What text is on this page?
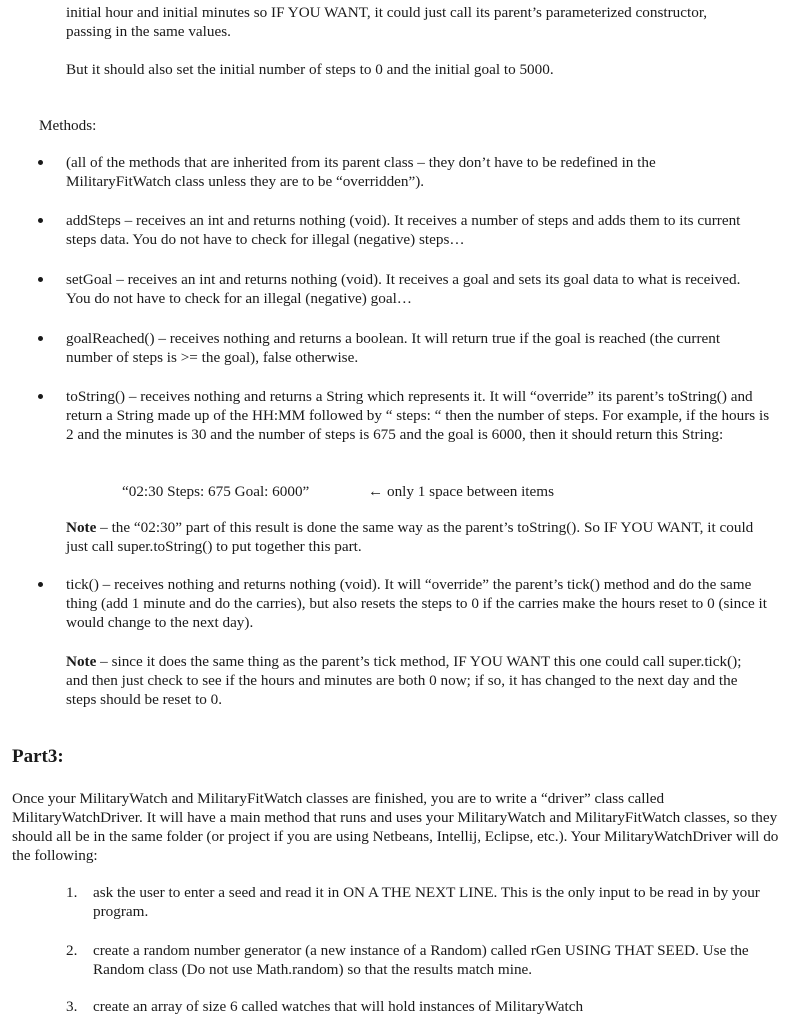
initial hour and initial minutes so IF YOU WANT, it could just call its parent’s parameterized constructor,

passing in the same values.

But it should also set the initial number of steps to 0 and the initial goal to 5000.

Methods:

(all of the methods that are inherited from its parent class – they don’t have to be redefined in the MilitaryFitWatch class unless they are to be “overridden”).

addSteps – receives an int and returns nothing (void). It receives a number of steps and adds them to its current steps data. You do not have to check for illegal (negative) steps…

setGoal – receives an int and returns nothing (void). It receives a goal and sets its goal data to what is received. You do not have to check for an illegal (negative) goal…

goalReached() – receives nothing and returns a boolean. It will return true if the goal is reached (the current number of steps is >= the goal), false otherwise.

toString() – receives nothing and returns a String which represents it. It will “override” its parent’s toString() and return a String made up of the HH:MM followed by “ steps: “ then the number of steps. For example, if the hours is 2 and the minutes is 30 and the number of steps is 675 and the goal is 6000, then it should return this String:

“02:30 Steps: 675 Goal: 6000”	← only 1 space between items

Note – the “02:30” part of this result is done the same way as the parent’s toString(). So IF YOU WANT, it could just call super.toString() to put together this part.

tick() – receives nothing and returns nothing (void). It will “override” the parent’s tick() method and do the same thing (add 1 minute and do the carries), but also resets the steps to 0 if the carries make the hours reset to 0 (since it would change to the next day).

Note – since it does the same thing as the parent’s tick method, IF YOU WANT this one could call super.tick(); and then just check to see if the hours and minutes are both 0 now; if so, it has changed to the next day and the steps should be reset to 0.

Part3:

Once your MilitaryWatch and MilitaryFitWatch classes are finished, you are to write a “driver” class called MilitaryWatchDriver. It will have a main method that runs and uses your MilitaryWatch and MilitaryFitWatch classes, so they should all be in the same folder (or project if you are using Netbeans, Intellij, Eclipse, etc.). Your MilitaryWatchDriver will do the following:

1. ask the user to enter a seed and read it in ON A THE NEXT LINE. This is the only input to be read in by your program.

2. create a random number generator (a new instance of a Random) called rGen USING THAT SEED. Use the Random class (Do not use Math.random) so that the results match mine.

3. create an array of size 6 called watches that will hold instances of MilitaryWatch
